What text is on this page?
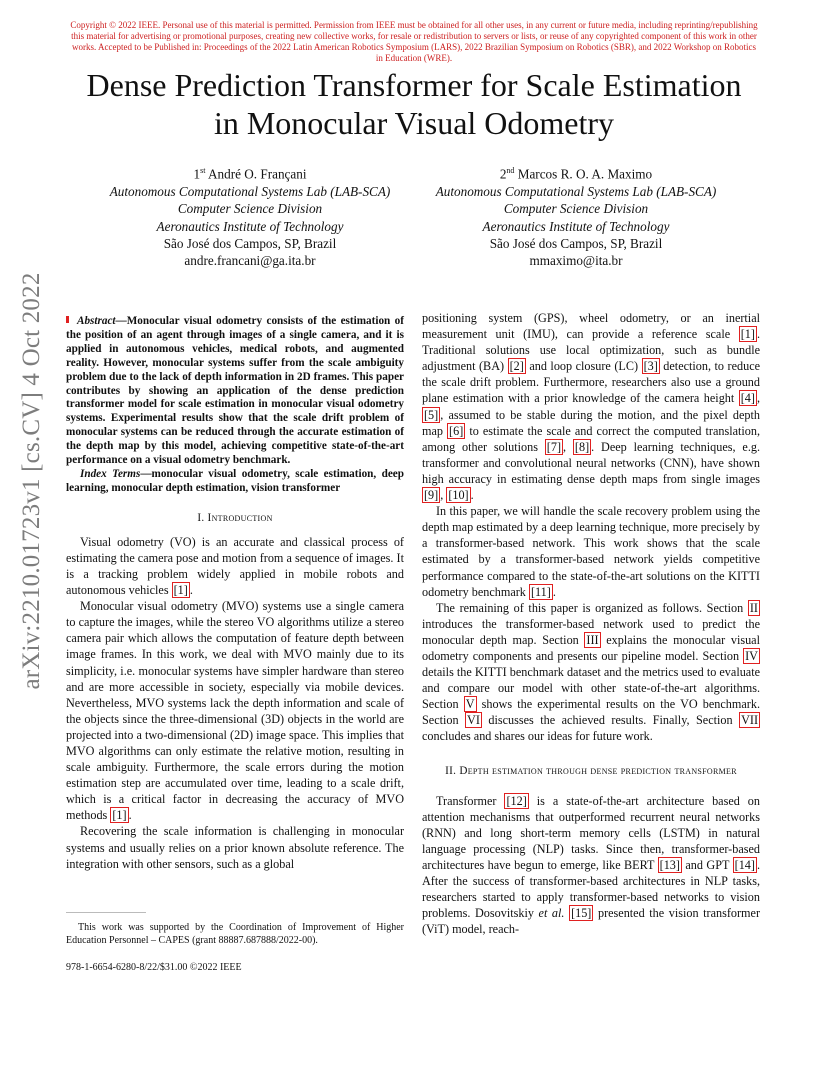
Copyright © 2022 IEEE. Personal use of this material is permitted. Permission from IEEE must be obtained for all other uses, in any current or future media, including reprinting/republishing this material for advertising or promotional purposes, creating new collective works, for resale or redistribution to servers or lists, or reuse of any copyrighted component of this work in other works. Accepted to be Published in: Proceedings of the 2022 Latin American Robotics Symposium (LARS), 2022 Brazilian Symposium on Robotics (SBR), and 2022 Workshop on Robotics in Education (WRE).
Dense Prediction Transformer for Scale Estimation
in Monocular Visual Odometry
1st André O. Françani
Autonomous Computational Systems Lab (LAB-SCA)
Computer Science Division
Aeronautics Institute of Technology
São José dos Campos, SP, Brazil
andre.francani@ga.ita.br
2nd Marcos R. O. A. Maximo
Autonomous Computational Systems Lab (LAB-SCA)
Computer Science Division
Aeronautics Institute of Technology
São José dos Campos, SP, Brazil
mmaximo@ita.br
arXiv:2210.01723v1 [cs.CV] 4 Oct 2022	Abstract—Monocular visual odometry consists of the estimation of the position of an agent through images of a single camera, and it is applied in autonomous vehicles, medical robots, and augmented reality. However, monocular systems suffer from the scale ambiguity problem due to the lack of depth information in 2D frames. This paper contributes by showing an application of the dense prediction transformer model for scale estimation in monocular visual odometry systems. Experimental results show that the scale drift problem of monocular systems can be reduced through the accurate estimation of the depth map by this model, achieving competitive state-of-the-art performance on a visual odometry benchmark.
Index Terms—monocular visual odometry, scale estimation, deep learning, monocular depth estimation, vision transformer
I. Introduction

Visual odometry (VO) is an accurate and classical process of estimating the camera pose and motion from a sequence of images. It is a tracking problem widely applied in mobile robots and autonomous vehicles [1] .

Monocular visual odometry (MVO) systems use a single camera to capture the images, while the stereo VO algorithms utilize a stereo camera pair which allows the computation of feature depth between image frames. In this work, we deal with MVO mainly due to its simplicity, i.e. monocular systems have simpler hardware than stereo and are more accessible in society, especially via mobile devices. Nevertheless, MVO systems lack the depth information and scale of the objects since the three-dimensional (3D) objects in the world are projected into a two-dimensional (2D) image space. This implies that MVO algorithms can only estimate the relative motion, resulting in scale ambiguity. Furthermore, the scale errors during the motion estimation step are accumulated over time, leading to a scale drift, which is a critical factor in decreasing the accuracy of MVO methods [1] .

Recovering the scale information is challenging in monocular systems and usually relies on a prior known absolute reference. The integration with other sensors, such as a global

This work was supported by the Coordination of Improvement of Higher Education Personnel – CAPES (grant 88887.687888/2022-00).
978-1-6654-6280-8/22/$31.00 ©2022 IEEE

positioning system (GPS), wheel odometry, or an inertial measurement unit (IMU), can provide a reference scale [1] . Traditional solutions use local optimization, such as bundle adjustment (BA) [2] and loop closure (LC) [3] detection, to reduce the scale drift problem. Furthermore, researchers also use a ground plane estimation with a prior knowledge of the camera height [4] , [5] , assumed to be stable during the motion, and the pixel depth map [6] to estimate the scale and correct the computed translation, among other solutions [7] , [8] . Deep learning techniques, e.g. transformer and convolutional neural networks (CNN), have shown high accuracy in estimating dense depth maps from single images [9] , [10] .

In this paper, we will handle the scale recovery problem using the depth map estimated by a deep learning technique, more precisely by a transformer-based network. This work shows that the scale estimated by a transformer-based network yields competitive performance compared to the state-of-the-art solutions on the KITTI odometry benchmark [11] .

The remaining of this paper is organized as follows. Section II introduces the transformer-based network used to predict the monocular depth map. Section III explains the monocular visual odometry components and presents our pipeline model. Section IV details the KITTI benchmark dataset and the metrics used to evaluate and compare our model with other state-of-the-art algorithms. Section V shows the experimental results on the VO benchmark. Section VI discusses the achieved results. Finally, Section VII concludes and shares our ideas for future work.

II. Depth estimation through dense prediction transformer

Transformer [12] is a state-of-the-art architecture based on attention mechanisms that outperformed recurrent neural networks (RNN) and long short-term memory cells (LSTM) in natural language processing (NLP) tasks. Since then, transformer-based architectures have begun to emerge, like BERT [13] and GPT [14] . After the success of transformer-based architectures in NLP tasks, researchers started to apply transformer-based networks to vision problems. Dosovitskiy et al. [15] presented the vision transformer (ViT) model, reach-
